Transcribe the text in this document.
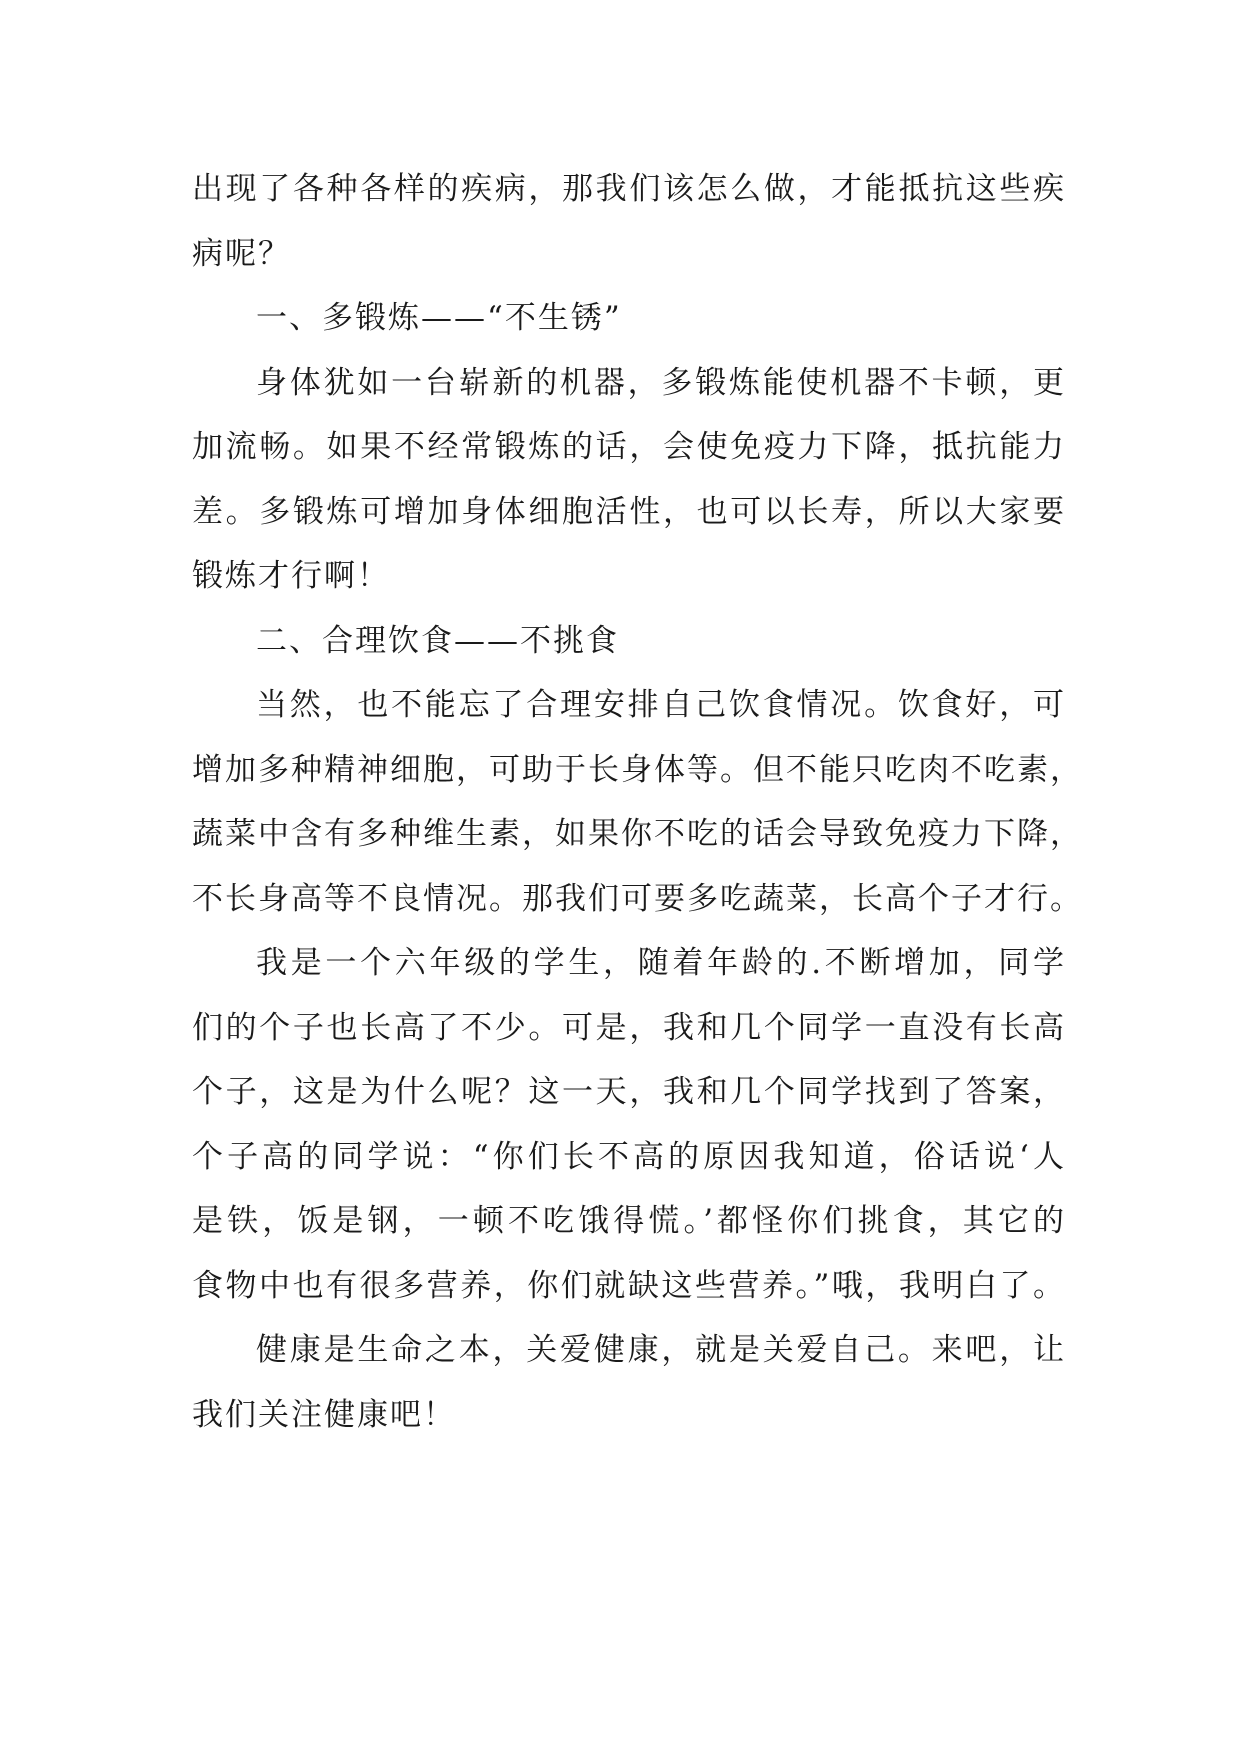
出现了各种各样的疾病，那我们该怎么做，才能抵抗这些疾
病呢？
一、多锻炼——“不生锈”
身体犹如一台崭新的机器，多锻炼能使机器不卡顿，更
加流畅。如果不经常锻炼的话，会使免疫力下降，抵抗能力
差。多锻炼可增加身体细胞活性，也可以长寿，所以大家要
锻炼才行啊！
二、合理饮食——不挑食
当然，也不能忘了合理安排自己饮食情况。饮食好，可
增加多种精神细胞，可助于长身体等。但不能只吃肉不吃素，
蔬菜中含有多种维生素，如果你不吃的话会导致免疫力下降，
不长身高等不良情况。那我们可要多吃蔬菜，长高个子才行。
我是一个六年级的学生，随着年龄的.不断增加，同学
们的个子也长高了不少。可是，我和几个同学一直没有长高
个子，这是为什么呢？这一天，我和几个同学找到了答案，
个子高的同学说：“你们长不高的原因我知道，俗话说‘人
是铁，饭是钢，一顿不吃饿得慌。’都怪你们挑食，其它的
食物中也有很多营养，你们就缺这些营养。”哦，我明白了。
健康是生命之本，关爱健康，就是关爱自己。来吧，让
我们关注健康吧！
